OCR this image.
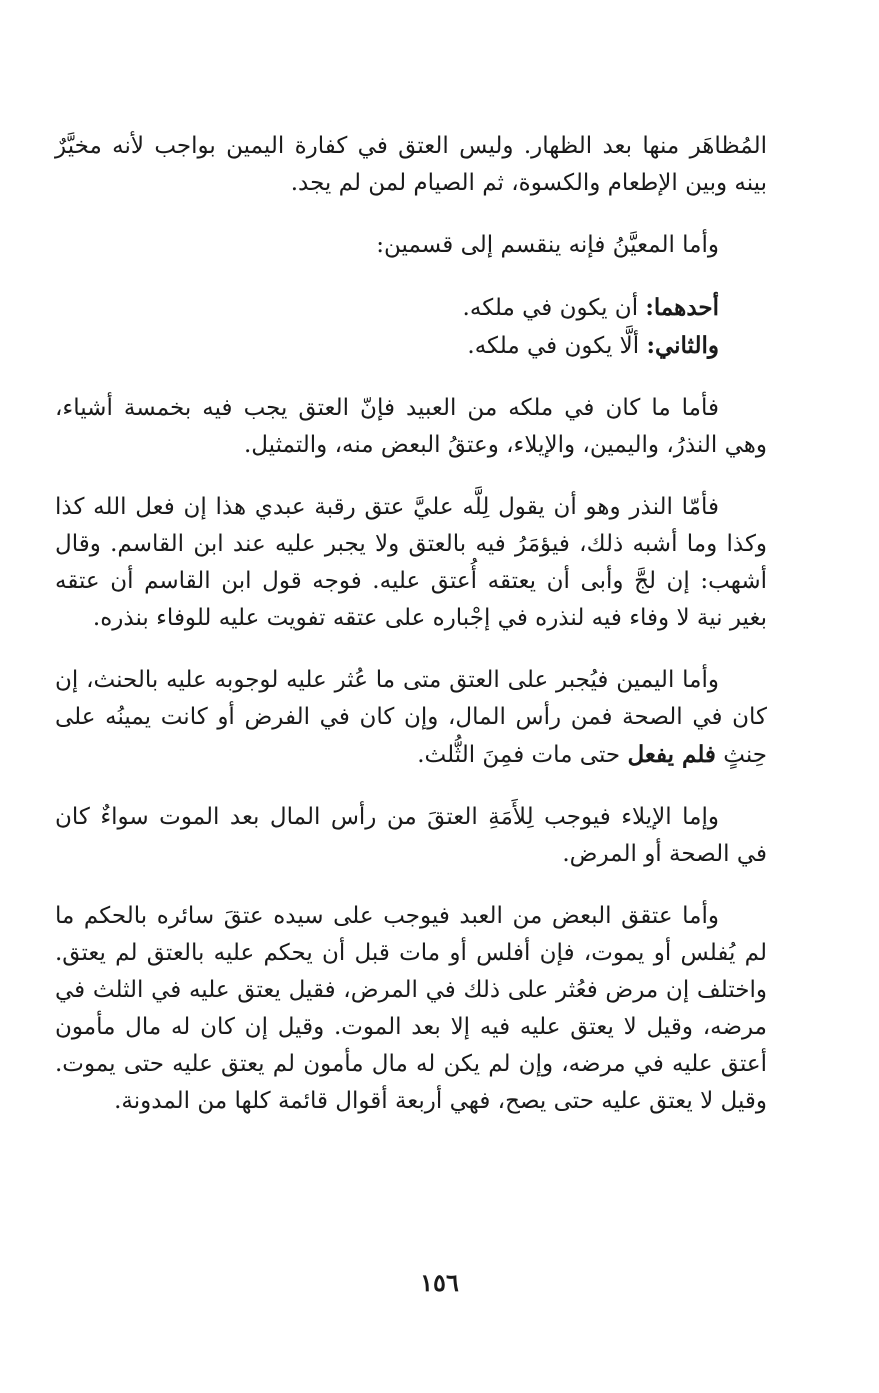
المُظاهَر منها بعد الظهار. وليس العتق في كفارة اليمين بواجب لأنه مخيَّرٌ بينه وبين الإطعام والكسوة، ثم الصيام لمن لم يجد.

وأما المعيَّنُ فإنه ينقسم إلى قسمين:

أحدهما: أن يكون في ملكه.

والثاني: ألَّا يكون في ملكه.

فأما ما كان في ملكه من العبيد فإنّ العتق يجب فيه بخمسة أشياء، وهي النذرُ، واليمين، والإيلاء، وعتقُ البعض منه، والتمثيل.

فأمّا النذر وهو أن يقول لِلَّه عليَّ عتق رقبة عبدي هذا إن فعل الله كذا وكذا وما أشبه ذلك، فيؤمَرُ فيه بالعتق ولا يجبر عليه عند ابن القاسم. وقال أشهب: إن لجَّ وأبى أن يعتقه أُعتق عليه. فوجه قول ابن القاسم أن عتقه بغير نية لا وفاء فيه لنذره في إجْباره على عتقه تفويت عليه للوفاء بنذره.

وأما اليمين فيُجبر على العتق متى ما عُثر عليه لوجوبه عليه بالحنث، إن كان في الصحة فمن رأس المال، وإن كان في الفرض أو كانت يمينُه على حِنثٍ فلم يفعل حتى مات فمِنَ الثُّلث.

وإما الإيلاء فيوجب لِلأَمَةِ العتقَ من رأس المال بعد الموت سواءٌ كان في الصحة أو المرض.

وأما عتقق البعض من العبد فيوجب على سيده عتقَ سائره بالحكم ما لم يُفلس أو يموت، فإن أفلس أو مات قبل أن يحكم عليه بالعتق لم يعتق. واختلف إن مرض فعُثر على ذلك في المرض، فقيل يعتق عليه في الثلث في مرضه، وقيل لا يعتق عليه فيه إلا بعد الموت. وقيل إن كان له مال مأمون أعتق عليه في مرضه، وإن لم يكن له مال مأمون لم يعتق عليه حتى يموت. وقيل لا يعتق عليه حتى يصح، فهي أربعة أقوال قائمة كلها من المدونة.

١٥٦
